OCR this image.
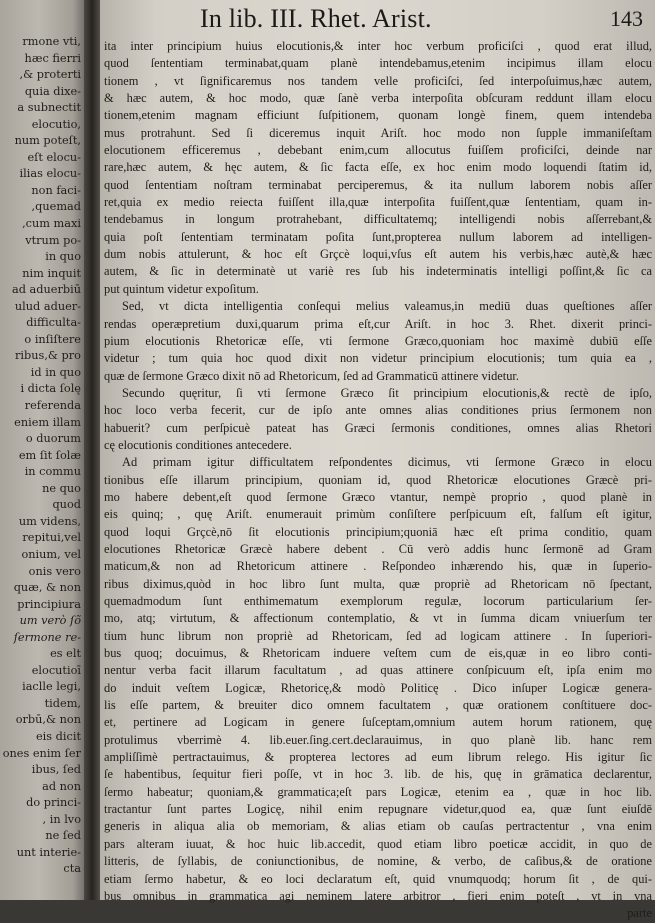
rmone vti,
hæc fierri
,& proterti
quia dixe-
a subnectit
elocutio,
num poteſt,
eſt elocu-
ilias elocu-
non faci-
,quemad
,cum maxi
vtrum po-
in quo
nim inquit
ad aduerbiū
ulud aduer-
difficulta-
o inſiſtere
ribus,& pro
id in quo
i dicta ſolę
referenda
eniem illam
o duorum
em ſit ſolæ
in commu
ne quo
quod
um videns,
repitui,vel
onium, vel
onis vero
quæ, & non
principiura
um verò ſõ
ſermone re-
es elt
elocutioī
iaclle legi,
tidem,
orbū,& non
eis dicit
ones enim ſer
ibus, ſed
ad non
do princi-
, in lvo
ne ſed
unt interie-
cta
In lib. III. Rhet. Arist.	143
ita inter principium huius elocutionis,& inter hoc verbum proficiſci , quod erat illud,
quod ſententiam terminabat,quam planè intendebamus,etenim incipimus illam elocu
tionem , vt ſignificaremus nos tandem velle proficiſci, ſed interpoſuimus,hæc autem,
& hæc autem, & hoc modo, quæ ſanè verba interpoſita obſcuram reddunt illam elocu
tionem,etenim magnam efficiunt ſuſpitionem, quonam longè finem, quem intendeba
mus protrahunt. Sed ſi diceremus inquit Ariſt. hoc modo non ſupple immaniſeſtam
elocutionem efficeremus , debebant enim,cum allocutus fuiſſem proficiſci, deinde nar
rare,hæc autem, & hęc autem, & ſic facta eſſe, ex hoc enim modo loquendi ſtatim id,
quod ſententiam noſtram terminabat perciperemus, & ita nullum laborem nobis aſſer
ret,quia ex medio reiecta fuiſſent illa,quæ interpoſita fuiſſent,quæ ſententiam, quam in-
tendebamus in longum protrahebant, difficultatemq; intelligendi nobis aſſerrebant,&
quia poſt ſententiam terminatam poſita ſunt,propterea nullum laborem ad intelligen-
dum nobis attulerunt, & hoc eſt Grçcè loqui,vſus eſt autem his verbis,hæc autè,& hæc
autem, & ſic in determinatè ut variè res ſub his indeterminatis intelligi poſſint,& ſic ca
put quintum videtur expoſitum.
Sed, vt dicta intelligentia conſequi melius valeamus,in mediū duas queſtiones aſſer
rendas operæpretium duxi,quarum prima eſt,cur Ariſt. in hoc 3. Rhet. dixerit princi-
pium elocutionis Rhetoricæ eſſe, vti ſermone Græco,quoniam hoc maximè dubiū eſſe
videtur ; tum quia hoc quod dixit non videtur principium elocutionis; tum quia ea ,
quæ de ſermone Græco dixit nō ad Rhetoricum, ſed ad Grammaticū attinere videtur.
Secundo quęritur, ſi vti ſermone Græco ſit principium elocutionis,& rectè de ipſo,
hoc loco verba fecerit, cur de ipſo ante omnes alias conditiones prius ſermonem non
habuerit? cum perſpicuè pateat has Græci ſermonis conditiones, omnes alias Rhetori
cę elocutionis conditiones antecedere.
Ad primam igitur difficultatem reſpondentes dicimus, vti ſermone Græco in elocu
tionibus eſſe illarum principium, quoniam id, quod Rhetoricæ elocutiones Græcè pri-
mo habere debent,eſt quod ſermone Græco vtantur, nempè proprio , quod planè in
eis quinq; , quę Ariſt. enumerauit primùm conſiſtere perſpicuum eſt, falſum eſt igitur,
quod loqui Grçcè,nō ſit elocutionis principium;quoniā hæc eſt prima conditio, quam
elocutiones Rhetoricæ Græcè habere debent . Cū verò addis hunc ſermonē ad Gram
maticum,& non ad Rhetoricum attinere . Reſpondeo inhærendo his, quæ in ſuperio-
ribus diximus,quòd in hoc libro ſunt multa, quæ propriè ad Rhetoricam nō ſpectant,
quemadmodum ſunt enthimematum exemplorum regulæ, locorum particularium ſer-
mo, atq; virtutum, & affectionum contemplatio, & vt in ſumma dicam vniuerſum ter
tium hunc librum non propriè ad Rhetoricam, ſed ad logicam attinere . In ſuperiori-
bus quoq; docuimus, & Rhetoricam induere veſtem cum de eis,quæ in eo libro conti-
nentur verba facit illarum facultatum , ad quas attinere conſpicuum eſt, ipſa enim mo
do induit veſtem Logicæ, Rhetoricę,& modò Politicę . Dico inſuper Logicæ genera-
lis eſſe partem, & breuiter dico omnem facultatem , quæ orationem conſtituere doc-
et, pertinere ad Logicam in genere ſuſceptam,omnium autem horum rationem, quę
protulimus vberrimè 4. lib.euer.ſing.cert.declarauimus, in quo planè lib. hanc rem
ampliſſimè pertractauimus, & propterea lectores ad eum librum relego. His igitur ſic
ſe habentibus, ſequitur fieri poſſe, vt in hoc 3. lib. de his, quę in grāmatica declarentur,
ſermo habeatur; quoniam,& grammatica;eſt pars Logicæ, etenim ea , quæ in hoc lib.
tractantur ſunt partes Logicę, nihil enim repugnare videtur,quod ea, quæ ſunt eiuſdē
generis in aliqua alia ob memoriam, & alias etiam ob cauſas pertractentur , vna enim
pars alteram iuuat, & hoc huic lib.accedit, quod etiam libro poeticæ accidit, in quo de
litteris, de ſyllabis, de coniunctionibus, de nomine, & verbo, de caſibus,& de oratione
etiam ſermo habetur, & eo loci declaratum eſt, quid vnumquodq; horum ſit , de qui-
bus omnibus in grammatica agi neminem latere arbitror , fieri enim poteſt , vt in vna
parte
